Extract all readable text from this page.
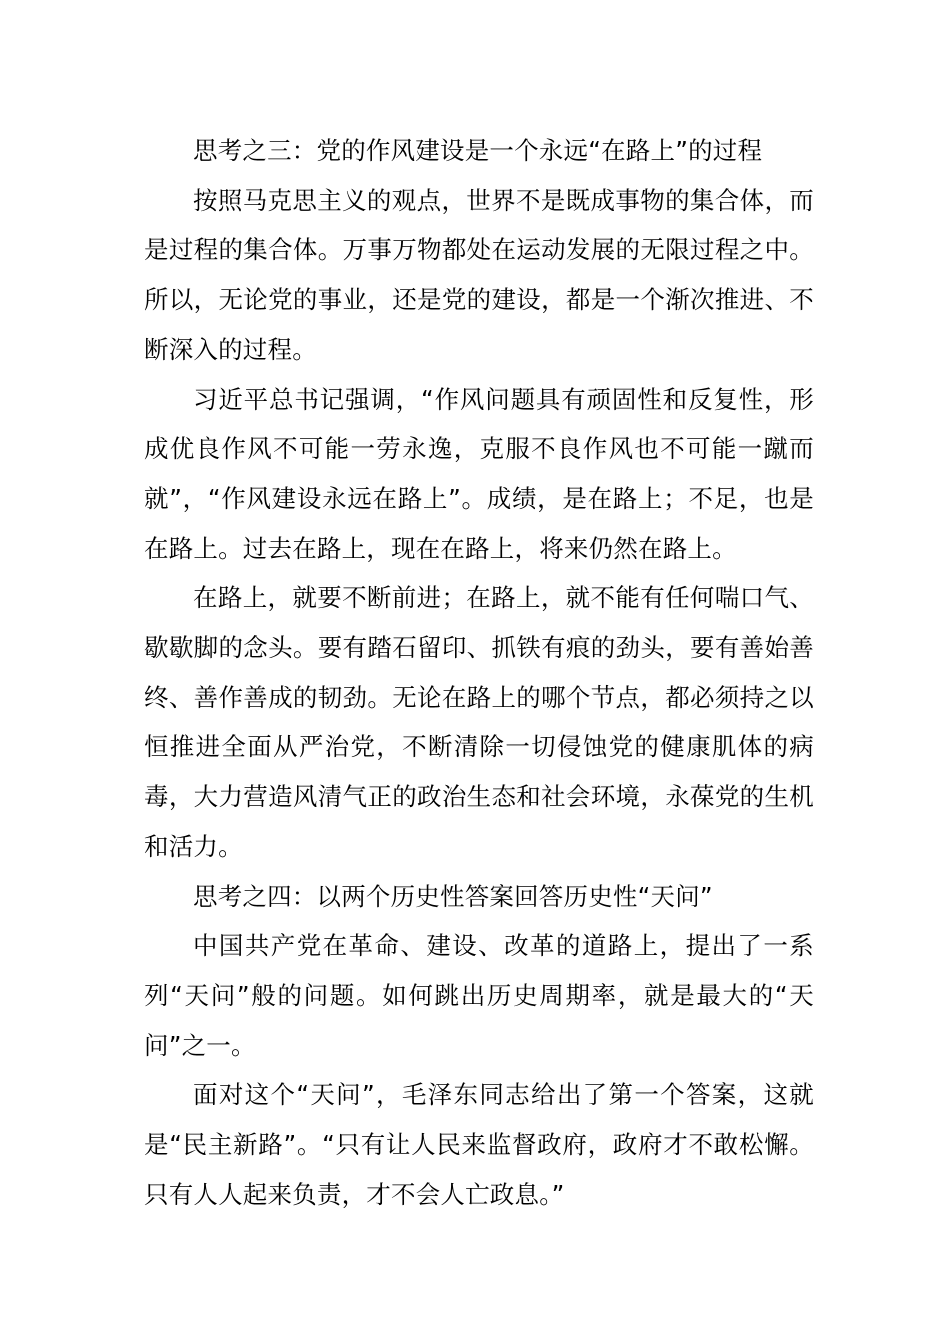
思考之三：党的作风建设是一个永远“在路上”的过程

按照马克思主义的观点，世界不是既成事物的集合体，而是过程的集合体。万事万物都处在运动发展的无限过程之中。所以，无论党的事业，还是党的建设，都是一个渐次推进、不断深入的过程。

习近平总书记强调，“作风问题具有顽固性和反复性，形成优良作风不可能一劳永逸，克服不良作风也不可能一蹴而就”，“作风建设永远在路上”。成绩，是在路上；不足，也是在路上。过去在路上，现在在路上，将来仍然在路上。

在路上，就要不断前进；在路上，就不能有任何喘口气、歇歇脚的念头。要有踏石留印、抓铁有痕的劲头，要有善始善终、善作善成的韧劲。无论在路上的哪个节点，都必须持之以恒推进全面从严治党，不断清除一切侵蚀党的健康肌体的病毒，大力营造风清气正的政治生态和社会环境，永葆党的生机和活力。

思考之四：以两个历史性答案回答历史性“天问”

中国共产党在革命、建设、改革的道路上，提出了一系列“天问”般的问题。如何跳出历史周期率，就是最大的“天问”之一。

面对这个“天问”，毛泽东同志给出了第一个答案，这就是“民主新路”。“只有让人民来监督政府，政府才不敢松懈。只有人人起来负责，才不会人亡政息。”
